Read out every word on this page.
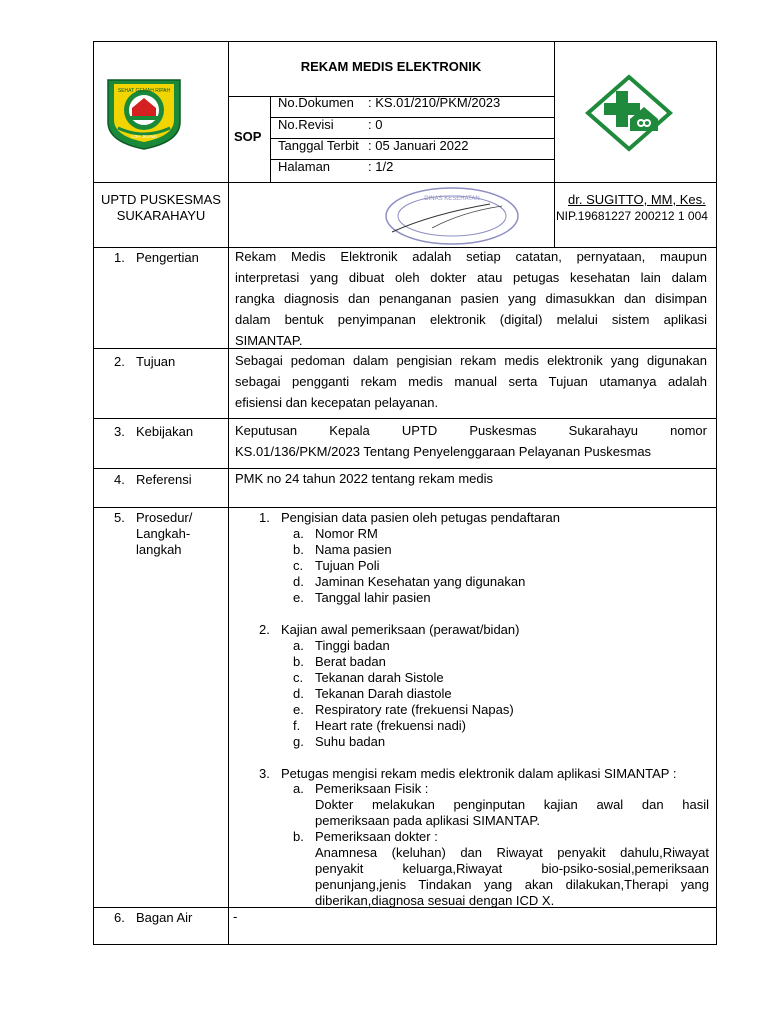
SEHAT GEMAH RIPAH
LOH JINAWI
REKAM MEDIS ELEKTRONIK
SOP
No.Dokumen : KS.01/210/PKM/2023
No.Revisi	: 0
Tanggal Terbit : 05 Januari 2022
Halaman	: 1/2
UPTD PUSKESMAS
SUKARAHAYU
DINAS KESEHATAN	dr. SUGITTO, MM, Kes.
NIP.19681227 200212 1 004
1. Pengertian	Rekam Medis Elektronik adalah setiap catatan, pernyataan, maupun
interpretasi yang dibuat oleh dokter atau petugas kesehatan lain dalam
rangka diagnosis dan penanganan pasien yang dimasukkan dan disimpan
dalam bentuk penyimpanan elektronik (digital) melalui sistem aplikasi
SIMANTAP.
2. Tujuan	Sebagai pedoman dalam pengisian rekam medis elektronik yang digunakan
sebagai pengganti rekam medis manual serta Tujuan utamanya adalah
efisiensi dan kecepatan pelayanan.
3. Kebijakan	Keputusan Kepala UPTD Puskesmas Sukarahayu nomor
KS.01/136/PKM/2023 Tentang Penyelenggaraan Pelayanan Puskesmas
4. Referensi	PMK no 24 tahun 2022 tentang rekam medis
5. Prosedur/
Langkah-
langkah
1. Pengisian data pasien oleh petugas pendaftaran
a. Nomor RM
b. Nama pasien
c. Tujuan Poli
d. Jaminan Kesehatan yang digunakan
e. Tanggal lahir pasien
2. Kajian awal pemeriksaan (perawat/bidan)
a. Tinggi badan
b. Berat badan
c. Tekanan darah Sistole
d. Tekanan Darah diastole
e. Respiratory rate (frekuensi Napas)
f. Heart rate (frekuensi nadi)
g. Suhu badan
3. Petugas mengisi rekam medis elektronik dalam aplikasi SIMANTAP :
a. Pemeriksaan Fisik :
Dokter melakukan penginputan kajian awal dan hasil
pemeriksaan pada aplikasi SIMANTAP.
b. Pemeriksaan dokter :
Anamnesa (keluhan) dan Riwayat penyakit dahulu,Riwayat
penyakit keluarga,Riwayat bio-psiko-sosial,pemeriksaan
penunjang,jenis Tindakan yang akan dilakukan,Therapi yang
diberikan,diagnosa sesuai dengan ICD X.
6. Bagan Air	-
